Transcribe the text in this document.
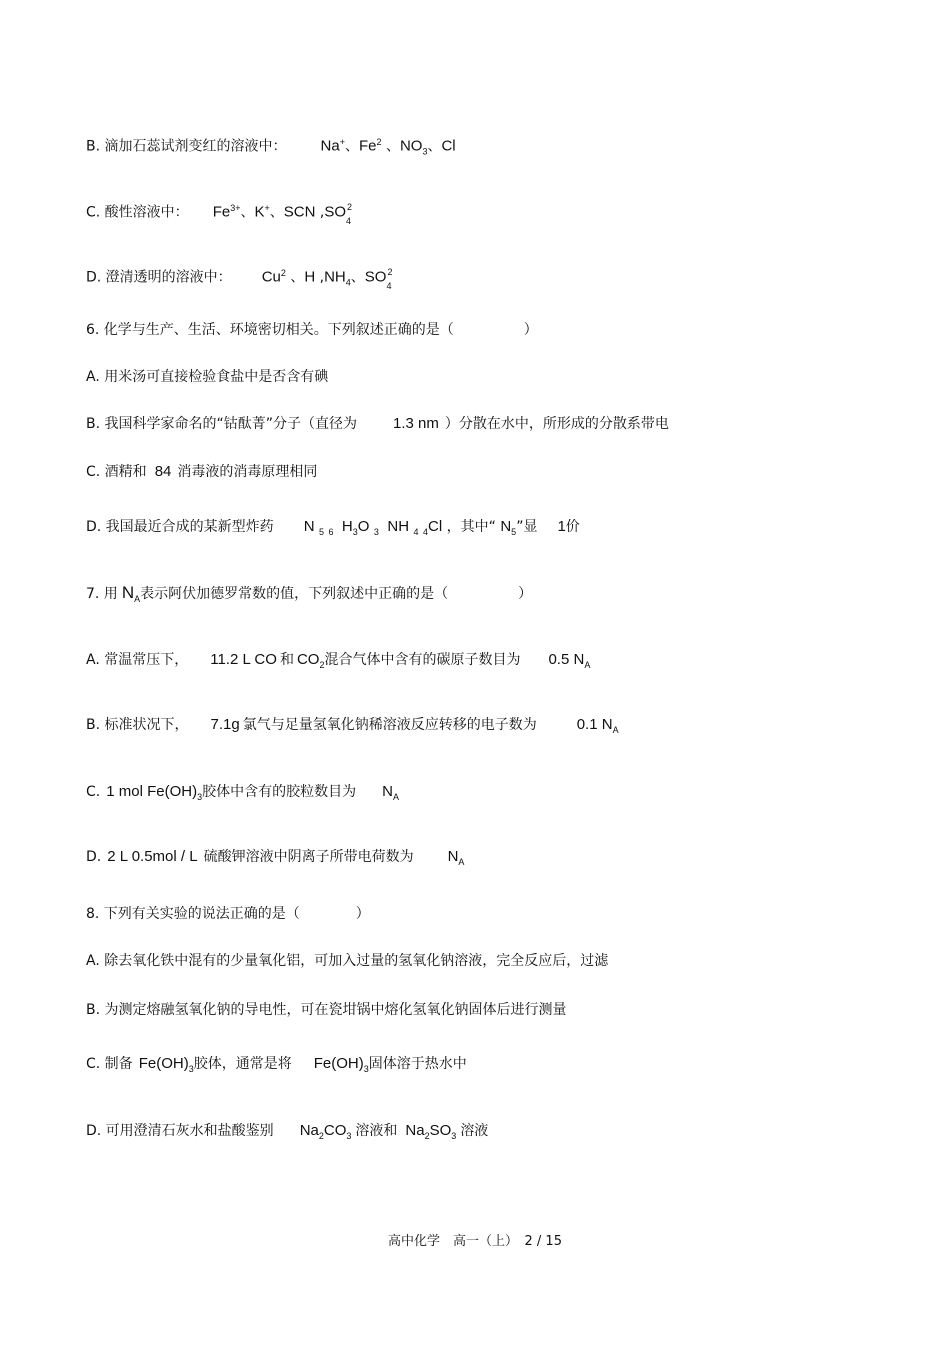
B. 滴加石蕊试剂变红的溶液中： Na+、Fe$^2$ 、$NO_3$、Cl
C. 酸性溶液中： $Fe^{3+}$、K+、SCN ,SO 2
4
D. 澄清透明的溶液中： Cu$^2$ 、H $,NH_4$、SO 2
4
6. 化学与生产、生活、环境密切相关。下列叙述正确的是（　　　　　）
A. 用米汤可直接检验食盐中是否含有碘
B. 我国科学家命名的“钴酞菁”分子（直径为 1.3 nm ）分散在水中，所形成的分散系带电
C. 酒精和 84 消毒液的消毒原理相同
D. 我国最近合成的某新型炸药 N $_5$ $_6$ $H_3O$ $_3$ NH $_4$ $_4$Cl ，其中“ $N_5$”显 1价
7. 用 $N_A$表示阿伏加德罗常数的值，下列叙述中正确的是（　　　　　）
A. 常温常压下， 11.2 L CO 和 $CO_2$混合气体中含有的碳原子数目为 0.5 $N_A$
B. 标准状况下， 7.1g 氯气与足量氢氧化钠稀溶液反应转移的电子数为	0.1 $N_A$
C. 1 mol $Fe(OH)_3$胶体中含有的胶粒数目为 $N_A$
D. 2 L 0.5mol / L 硫酸钾溶液中阴离子所带电荷数为 $N_A$
8. 下列有关实验的说法正确的是（　　　　）
A. 除去氧化铁中混有的少量氧化铝，可加入过量的氢氧化钠溶液，完全反应后，过滤
B. 为测定熔融氢氧化钠的导电性，可在瓷坩锅中熔化氢氧化钠固体后进行测量
C. 制备 $Fe(OH)_3$胶体，通常是将 $Fe(OH)_3$固体溶于热水中
D. 可用澄清石灰水和盐酸鉴别 $Na_2CO_3$ 溶液和 $Na_2SO_3$ 溶液
高中化学　高一（上）　2 / 15
